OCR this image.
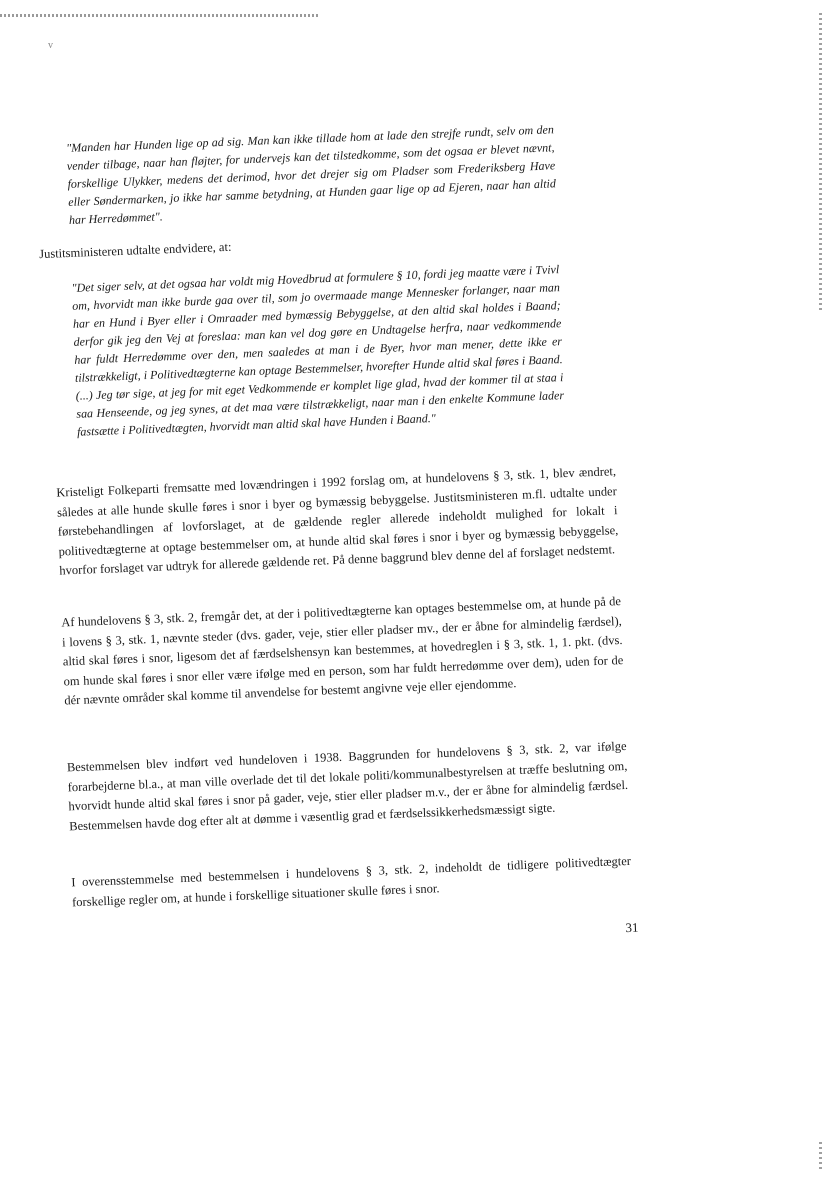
v
"Manden har Hunden lige op ad sig. Man kan ikke tillade hom at lade den strejfe rundt, selv om den vender tilbage, naar han fløjter, for undervejs kan det tilstedkomme, som det ogsaa er blevet nævnt, forskellige Ulykker, medens det derimod, hvor det drejer sig om Pladser som Frederiksberg Have eller Søndermarken, jo ikke har samme betydning, at Hunden gaar lige op ad Ejeren, naar han altid har Herredømmet".
Justitsministeren udtalte endvidere, at:
"Det siger selv, at det ogsaa har voldt mig Hovedbrud at formulere § 10, fordi jeg maatte være i Tvivl om, hvorvidt man ikke burde gaa over til, som jo overmaade mange Mennesker forlanger, naar man har en Hund i Byer eller i Omraader med bymæssig Bebyggelse, at den altid skal holdes i Baand; derfor gik jeg den Vej at foreslaa: man kan vel dog gøre en Undtagelse herfra, naar vedkommende har fuldt Herredømme over den, men saaledes at man i de Byer, hvor man mener, dette ikke er tilstrækkeligt, i Politivedtægterne kan optage Bestemmelser, hvorefter Hunde altid skal føres i Baand. (...) Jeg tør sige, at jeg for mit eget Vedkommende er komplet lige glad, hvad der kommer til at staa i saa Henseende, og jeg synes, at det maa være tilstrækkeligt, naar man i den enkelte Kommune lader fastsætte i Politivedtægten, hvorvidt man altid skal have Hunden i Baand."
Kristeligt Folkeparti fremsatte med lovændringen i 1992 forslag om, at hundelovens § 3, stk. 1, blev ændret, således at alle hunde skulle føres i snor i byer og bymæssig bebyggelse. Justitsministeren m.fl. udtalte under førstebehandlingen af lovforslaget, at de gældende regler allerede indeholdt mulighed for lokalt i politivedtægterne at optage bestemmelser om, at hunde altid skal føres i snor i byer og bymæssig bebyggelse, hvorfor forslaget var udtryk for allerede gældende ret. På denne baggrund blev denne del af forslaget nedstemt.
Af hundelovens § 3, stk. 2, fremgår det, at der i politivedtægterne kan optages bestemmelse om, at hunde på de i lovens § 3, stk. 1, nævnte steder (dvs. gader, veje, stier eller pladser mv., der er åbne for almindelig færdsel), altid skal føres i snor, ligesom det af færdselshensyn kan bestemmes, at hovedreglen i § 3, stk. 1, 1. pkt. (dvs. om hunde skal føres i snor eller være ifølge med en person, som har fuldt herredømme over dem), uden for de dér nævnte områder skal komme til anvendelse for bestemt angivne veje eller ejendomme.
Bestemmelsen blev indført ved hundeloven i 1938. Baggrunden for hundelovens § 3, stk. 2, var ifølge forarbejderne bl.a., at man ville overlade det til det lokale politi/kommunalbestyrelsen at træffe beslutning om, hvorvidt hunde altid skal føres i snor på gader, veje, stier eller pladser m.v., der er åbne for almindelig færdsel. Bestemmelsen havde dog efter alt at dømme i væsentlig grad et færdselssikkerhedsmæssigt sigte.
I overensstemmelse med bestemmelsen i hundelovens § 3, stk. 2, indeholdt de tidligere politivedtægter forskellige regler om, at hunde i forskellige situationer skulle føres i snor.
31
